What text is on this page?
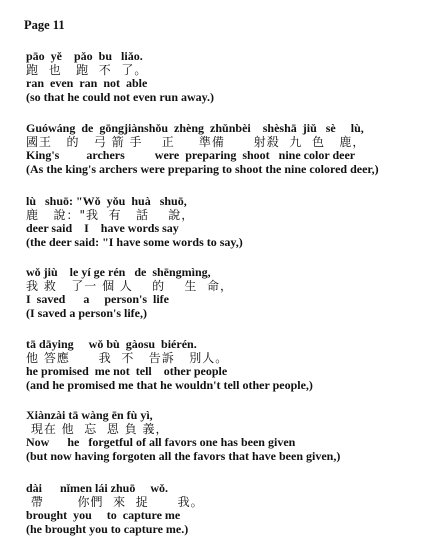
Page 11
pāo  yě    pǎo  bu   liǎo.
跑  也   跑  不  了。
ran  even  ran  not  able
(so that he could not even run away.)
Guówáng  de  gōngjiànshǒu  zhèng  zhǔnbèi    shèshā  jiǔ   sè     lù,
國王   的   弓 箭 手    正     準備      射殺  九  色   鹿，
King's         archers          were  preparing  shoot   nine color deer
(As the king's archers were preparing to shoot the nine colored deer,)
lù   shuō: "Wǒ  yǒu  huà   shuō,
鹿   說："我  有   話    說，
deer said    I    have words say
(the deer said: "I have some words to say,)
wǒ jiù    le yí ge rén   de  shēngmìng,
我 救   了一 個 人    的    生  命，
I  saved      a     person's  life
(I saved a person's life,)
tā dāying     wǒ bù  gàosu  biérén.
他 答應      我  不   告訴   別人。
he promised  me not  tell    other people
(and he promised me that he wouldn't tell other people,)
Xiànzài tā wàng ēn fù yì,
現在 他  忘  恩 負 義，
Now      he   forgetful of all favors one has been given
(but now having forgoten all the favors that have been given,)
dài      nǐmen lái zhuō     wǒ.
帶       你們  來  捉      我。
brought  you     to  capture me
(he brought you to capture me.)
